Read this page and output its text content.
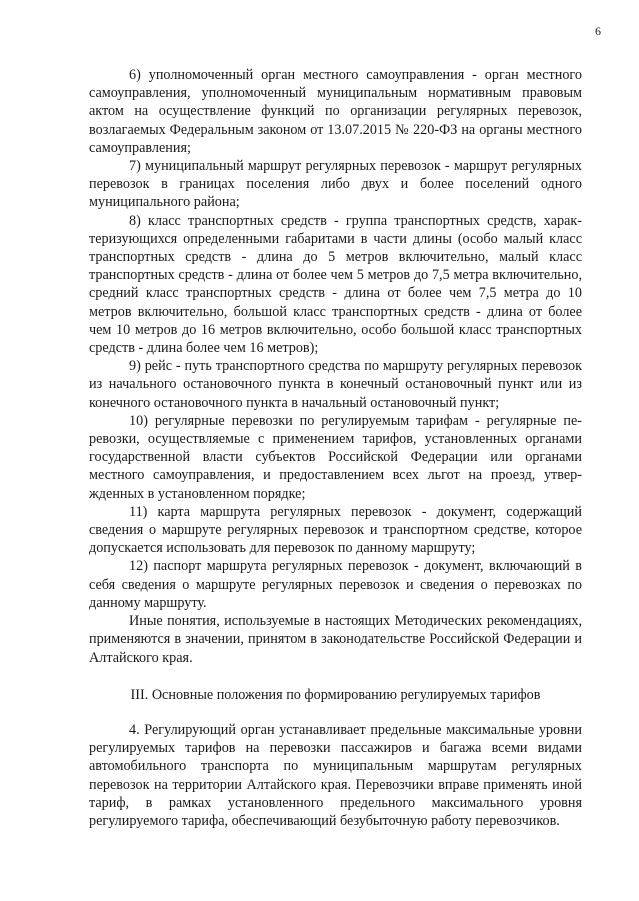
6

6) уполномоченный орган местного самоуправления - орган местного самоуправления, уполномоченный муниципальным нормативным правовым актом на осуществление функций по организации регулярных перевозок, возлагаемых Федеральным законом от 13.07.2015 № 220-ФЗ на органы местного самоуправления;

7) муниципальный маршрут регулярных перевозок - маршрут регулярных перевозок в границах поселения либо двух и более поселений одного муниципального района;

8) класс транспортных средств - группа транспортных средств, характеризующихся определенными габаритами в части длины (особо малый класс транспортных средств - длина до 5 метров включительно, малый класс транспортных средств - длина от более чем 5 метров до 7,5 метра включительно, средний класс транспортных средств - длина от более чем 7,5 метра до 10 метров включительно, большой класс транспортных средств - длина от более чем 10 метров до 16 метров включительно, особо большой класс транспортных средств - длина более чем 16 метров);

9) рейс - путь транспортного средства по маршруту регулярных перевозок из начального остановочного пункта в конечный остановочный пункт или из конечного остановочного пункта в начальный остановочный пункт;

10) регулярные перевозки по регулируемым тарифам - регулярные перевозки, осуществляемые с применением тарифов, установленных органами государственной власти субъектов Российской Федерации или органами местного самоуправления, и предоставлением всех льгот на проезд, утвержденных в установленном порядке;

11) карта маршрута регулярных перевозок - документ, содержащий сведения о маршруте регулярных перевозок и транспортном средстве, которое допускается использовать для перевозок по данному маршруту;

12) паспорт маршрута регулярных перевозок - документ, включающий в себя сведения о маршруте регулярных перевозок и сведения о перевозках по данному маршруту.

Иные понятия, используемые в настоящих Методических рекомендациях, применяются в значении, принятом в законодательстве Российской Федерации и Алтайского края.

III. Основные положения по формированию регулируемых тарифов

4. Регулирующий орган устанавливает предельные максимальные уровни регулируемых тарифов на перевозки пассажиров и багажа всеми видами автомобильного транспорта по муниципальным маршрутам регулярных перевозок на территории Алтайского края. Перевозчики вправе применять иной тариф, в рамках установленного предельного максимального уровня регулируемого тарифа, обеспечивающий безубыточную работу перевозчиков.
